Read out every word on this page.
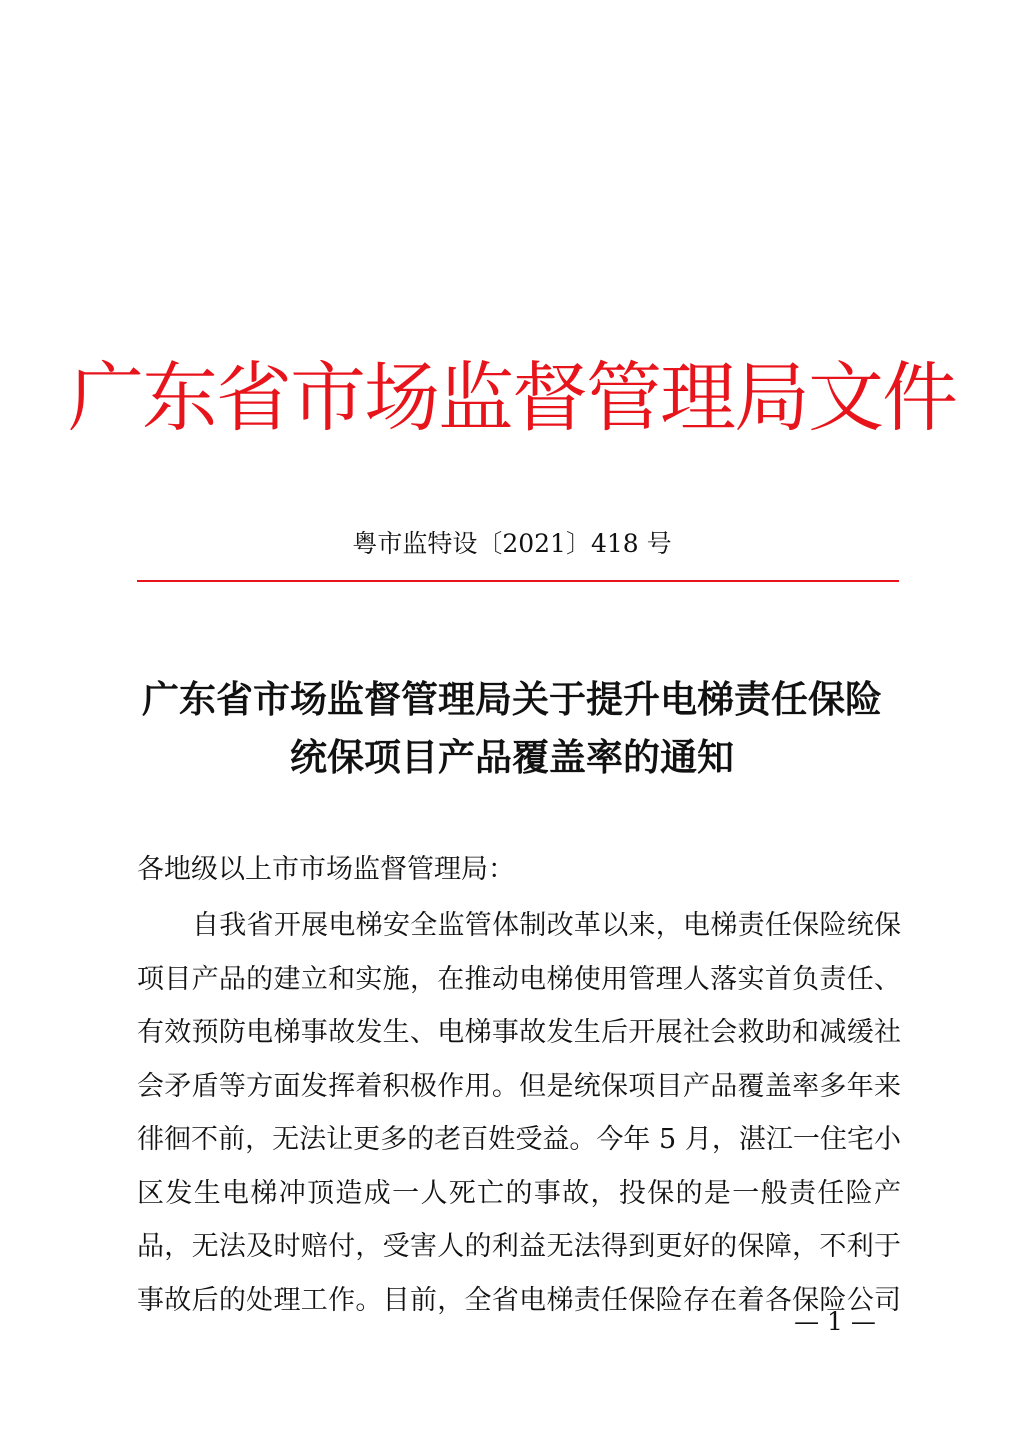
广东省市场监督管理局文件
粤市监特设〔2021〕418 号
广东省市场监督管理局关于提升电梯责任保险
统保项目产品覆盖率的通知
各地级以上市市场监督管理局：
自我省开展电梯安全监管体制改革以来，电梯责任保险统保
项目产品的建立和实施，在推动电梯使用管理人落实首负责任、
有效预防电梯事故发生、电梯事故发生后开展社会救助和减缓社
会矛盾等方面发挥着积极作用。但是统保项目产品覆盖率多年来
徘徊不前，无法让更多的老百姓受益。今年 5 月，湛江一住宅小
区发生电梯冲顶造成一人死亡的事故，投保的是一般责任险产
品，无法及时赔付，受害人的利益无法得到更好的保障，不利于
事故后的处理工作。目前，全省电梯责任保险存在着各保险公司
— 1 —
